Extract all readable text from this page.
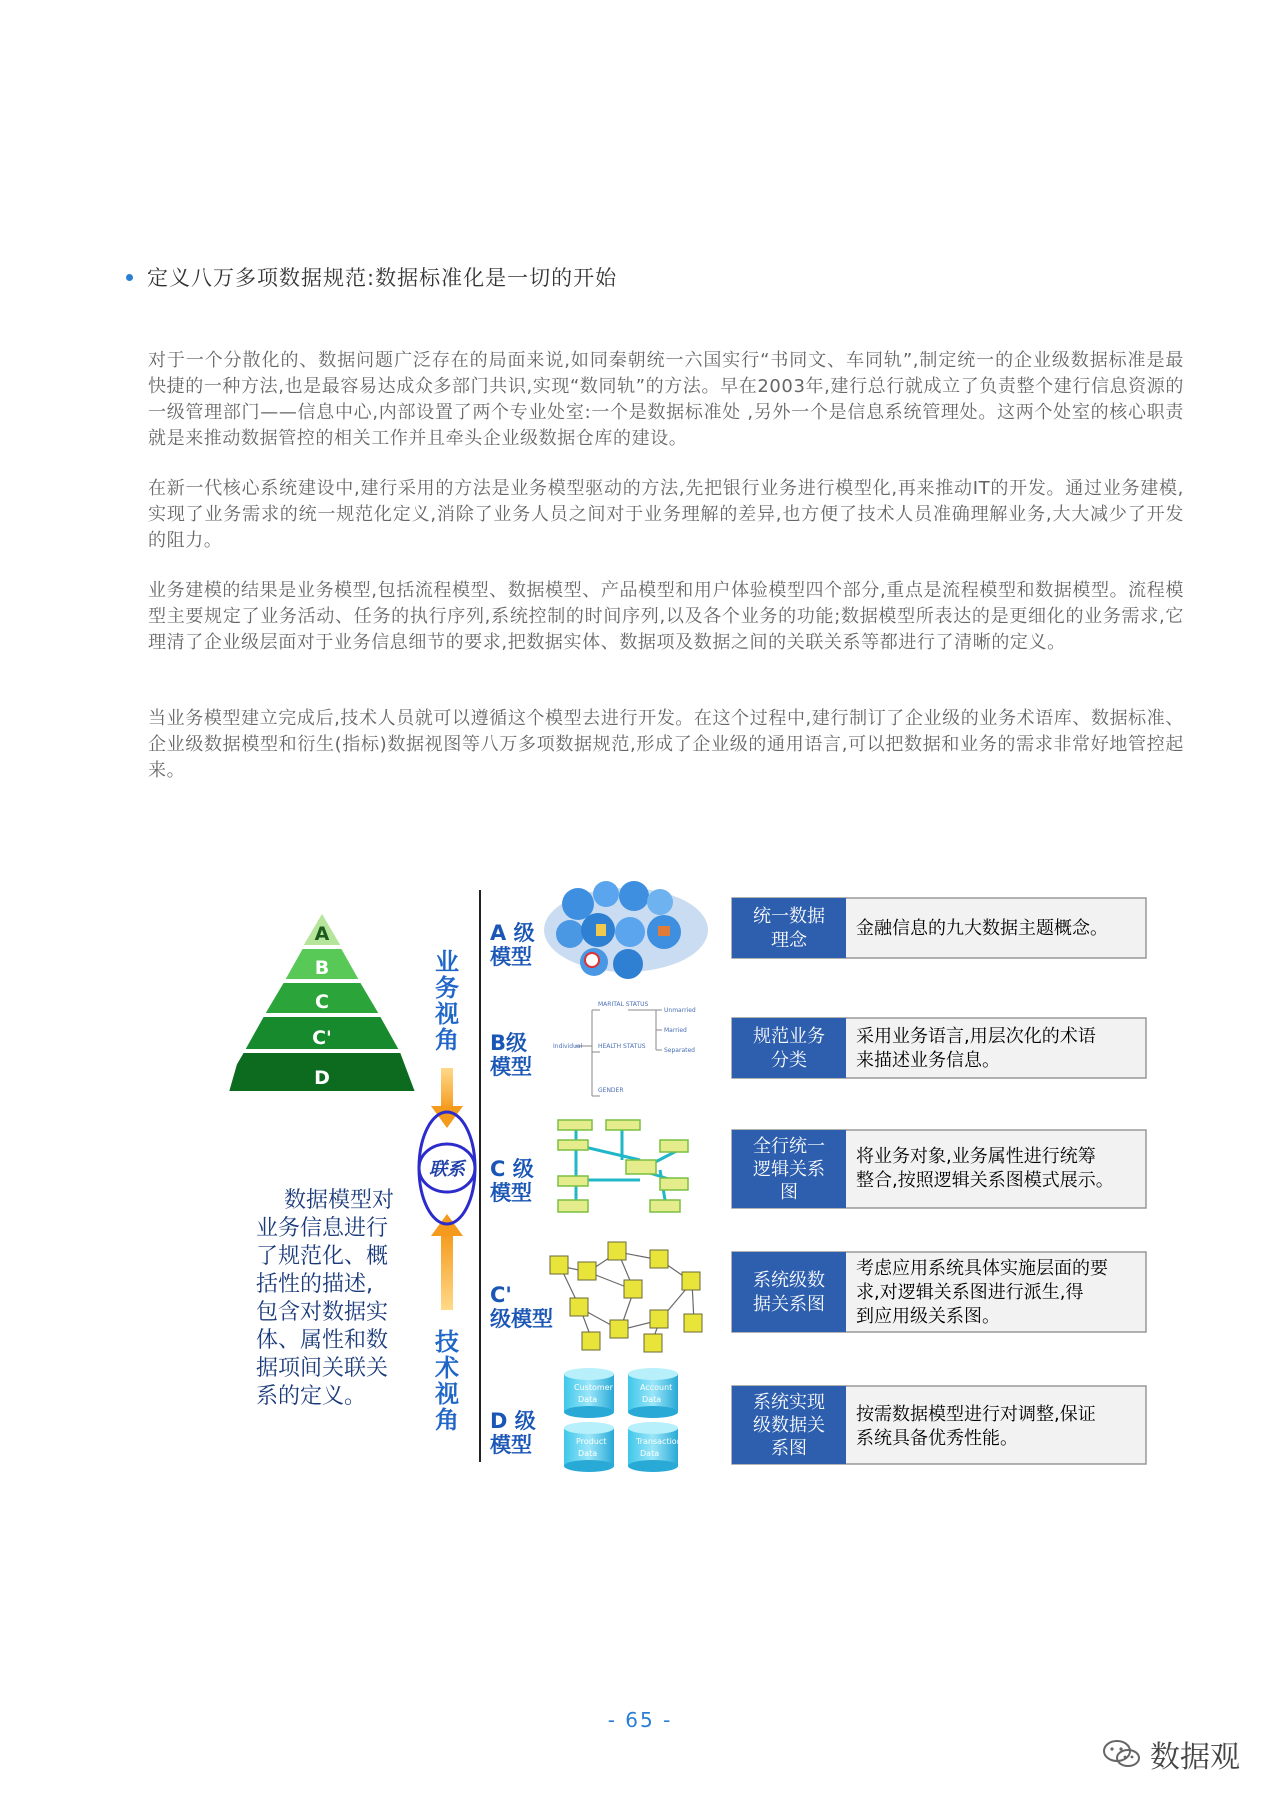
定义八万多项数据规范:数据标准化是一切的开始

对于一个分散化的、数据问题广泛存在的局面来说,如同秦朝统一六国实行“书同文、车同轨”,制定统一的企业级数据标准是最快捷的一种方法,也是最容易达成众多部门共识,实现“数同轨”的方法。早在2003年,建行总行就成立了负责整个建行信息资源的一级管理部门——信息中心,内部设置了两个专业处室:一个是数据标准处 ,另外一个是信息系统管理处。这两个处室的核心职责就是来推动数据管控的相关工作并且牵头企业级数据仓库的建设。

在新一代核心系统建设中,建行采用的方法是业务模型驱动的方法,先把银行业务进行模型化,再来推动IT的开发。通过业务建模,实现了业务需求的统一规范化定义,消除了业务人员之间对于业务理解的差异,也方便了技术人员准确理解业务,大大减少了开发的阻力。

业务建模的结果是业务模型,包括流程模型、数据模型、产品模型和用户体验模型四个部分,重点是流程模型和数据模型。流程模型主要规定了业务活动、任务的执行序列,系统控制的时间序列,以及各个业务的功能;数据模型所表达的是更细化的业务需求,它理清了企业级层面对于业务信息细节的要求,把数据实体、数据项及数据之间的关联关系等都进行了清晰的定义。

当业务模型建立完成后,技术人员就可以遵循这个模型去进行开发。在这个过程中,建行制订了企业级的业务术语库、数据标准、企业级数据模型和衍生(指标)数据视图等八万多项数据规范,形成了企业级的通用语言,可以把数据和业务的需求非常好地管控起来。

A
B
C
C'
D
数据模型对
业务信息进行
了规范化、概
括性的描述,
包含对数据实
体、属性和数
据项间关联关
系的定义。
业
务
视
角
技
术
视
角
联系
A 级
模型
B级
模型
C 级
模型
C'
级模型
D 级
模型
Individual
MARITAL STATUS
HEALTH STATUS
GENDER
Unmarried
Married
Separated
Customer
Data
Account
Data
Product
Data
Transaction
Data
统一数据
理念
金融信息的九大数据主题概念。
规范业务
分类
采用业务语言,用层次化的术语
来描述业务信息。
全行统一
逻辑关系
图
将业务对象,业务属性进行统筹
整合,按照逻辑关系图模式展示。
系统级数
据关系图
考虑应用系统具体实施层面的要
求,对逻辑关系图进行派生,得
到应用级关系图。
系统实现
级数据关
系图
按需数据模型进行对调整,保证
系统具备优秀性能。
- 65 -
数据观
